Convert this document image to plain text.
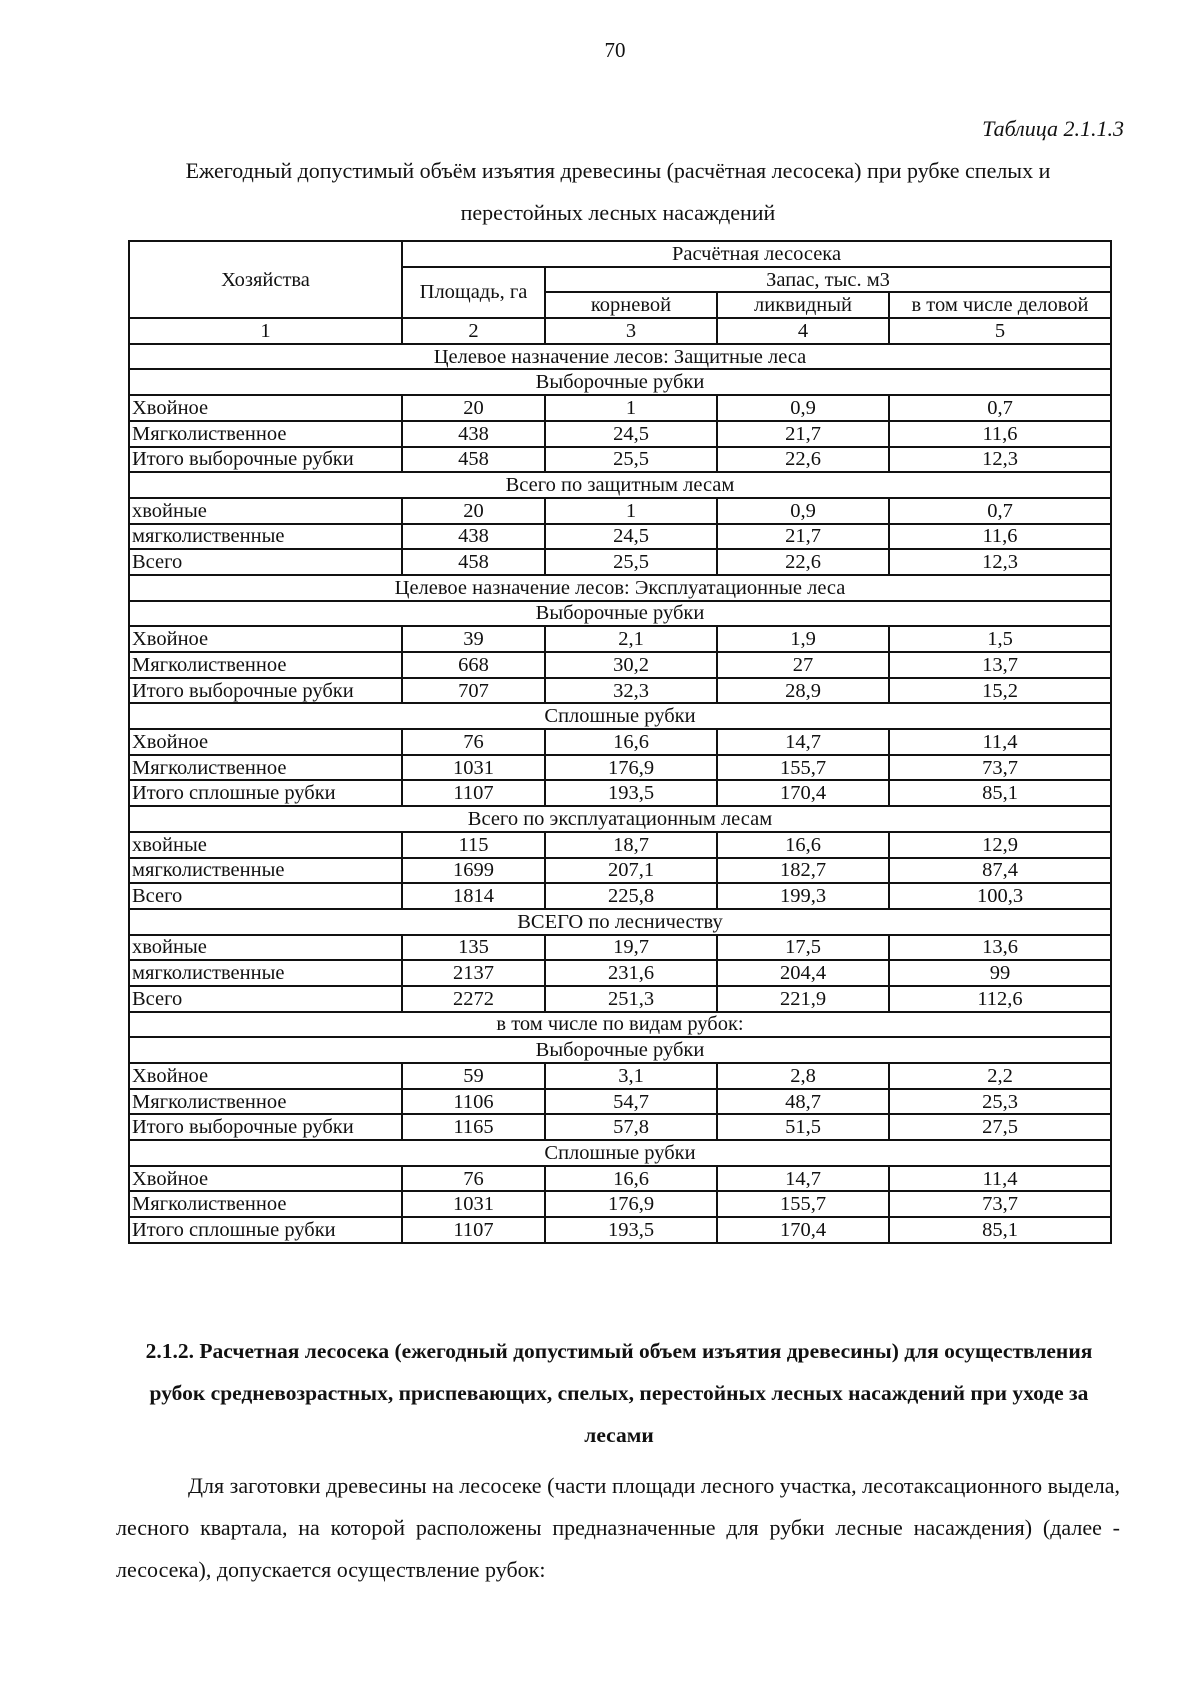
70
Таблица 2.1.1.3
Ежегодный допустимый объём изъятия древесины (расчётная лесосека) при рубке спелых и
перестойных лесных насаждений
Хозяйства	Расчётная лесосека			
	Площадь, га	Запас, тыс. м3		
		корневой	ликвидный	в том числе деловой
1	2	3	4	5
Целевое назначение лесов: Защитные леса				
Выборочные рубки				
Хвойное	20	1	0,9	0,7
Мягколиственное	438	24,5	21,7	11,6
Итого выборочные рубки	458	25,5	22,6	12,3
Всего по защитным лесам				
хвойные	20	1	0,9	0,7
мягколиственные	438	24,5	21,7	11,6
Всего	458	25,5	22,6	12,3
Целевое назначение лесов: Эксплуатационные леса				
Выборочные рубки				
Хвойное	39	2,1	1,9	1,5
Мягколиственное	668	30,2	27	13,7
Итого выборочные рубки	707	32,3	28,9	15,2
Сплошные рубки				
Хвойное	76	16,6	14,7	11,4
Мягколиственное	1031	176,9	155,7	73,7
Итого сплошные рубки	1107	193,5	170,4	85,1
Всего по эксплуатационным лесам				
хвойные	115	18,7	16,6	12,9
мягколиственные	1699	207,1	182,7	87,4
Всего	1814	225,8	199,3	100,3
ВСЕГО по лесничеству				
хвойные	135	19,7	17,5	13,6
мягколиственные	2137	231,6	204,4	99
Всего	2272	251,3	221,9	112,6
в том числе по видам рубок:				
Выборочные рубки				
Хвойное	59	3,1	2,8	2,2
Мягколиственное	1106	54,7	48,7	25,3
Итого выборочные рубки	1165	57,8	51,5	27,5
Сплошные рубки				
Хвойное	76	16,6	14,7	11,4
Мягколиственное	1031	176,9	155,7	73,7
Итого сплошные рубки	1107	193,5	170,4	85,1
2.1.2. Расчетная лесосека (ежегодный допустимый объем изъятия древесины) для осуществления рубок средневозрастных, приспевающих, спелых, перестойных лесных насаждений при уходе за лесами
Для заготовки древесины на лесосеке (части площади лесного участка, лесотаксационного выдела, лесного квартала, на которой расположены предназначенные для рубки лесные насаждения) (далее - лесосека), допускается осуществление рубок:
